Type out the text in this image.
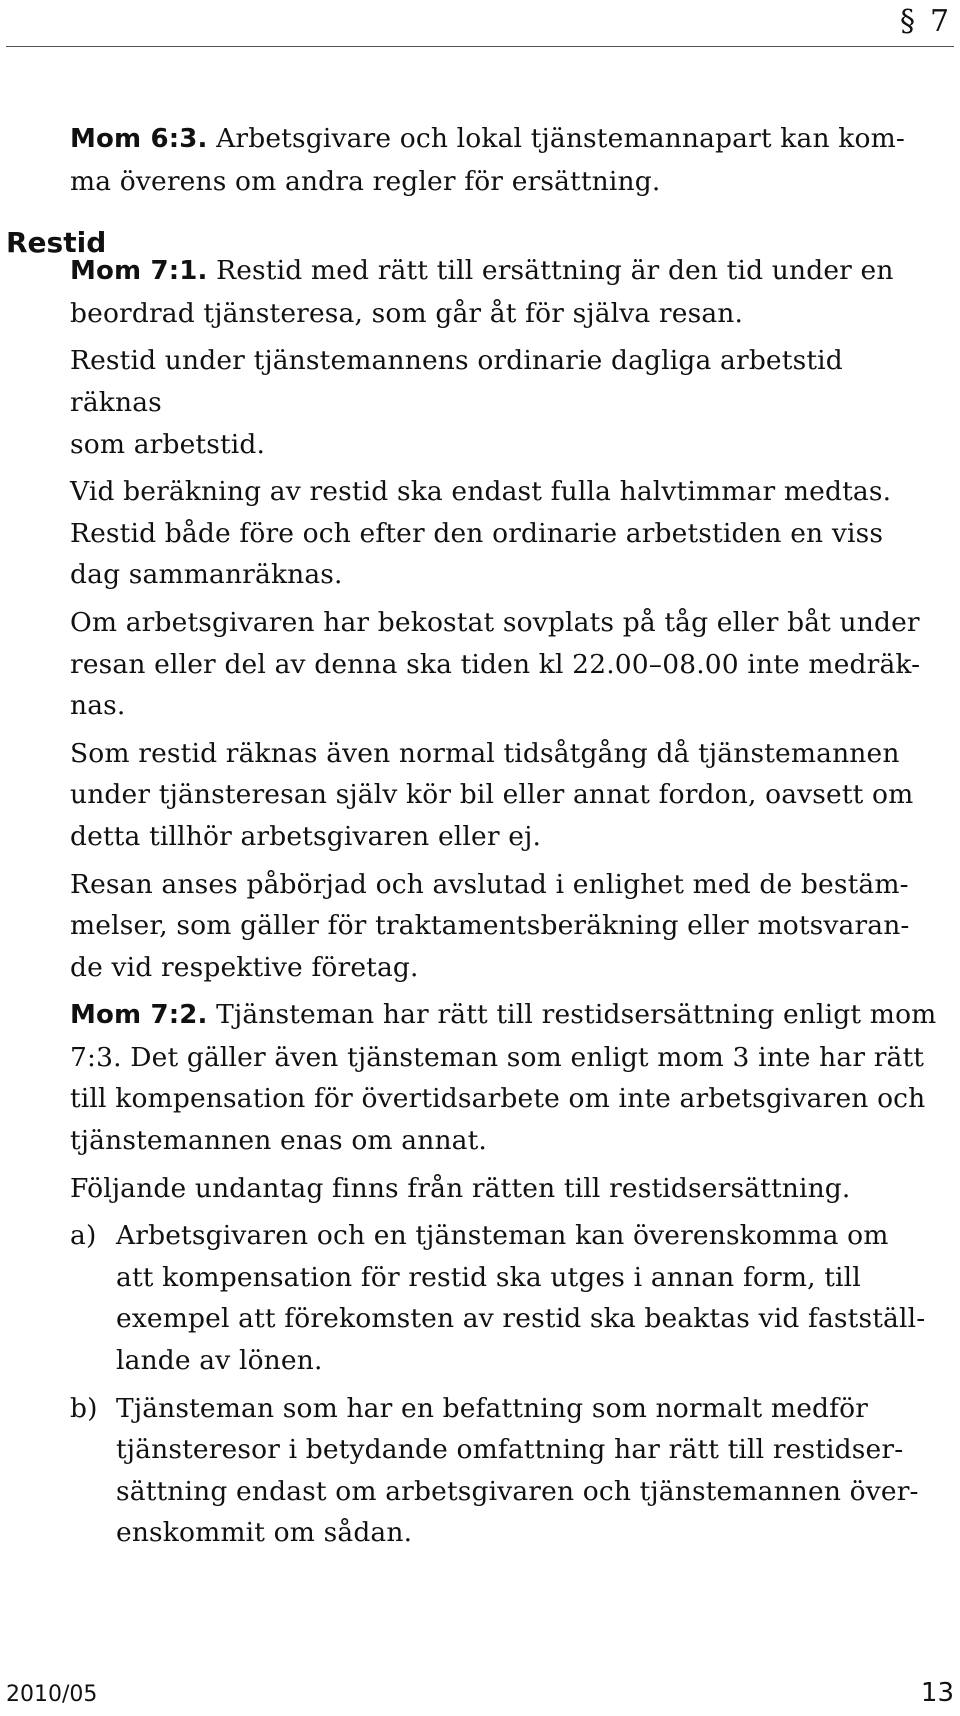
§ 7
Restid

Mom 6:3. Arbetsgivare och lokal tjänstemannapart kan kom-
ma överens om andra regler för ersättning.

Mom 7:1. Restid med rätt till ersättning är den tid under en
beordrad tjänsteresa, som går åt för själva resan.

Restid under tjänstemannens ordinarie dagliga arbetstid räknas
som arbetstid.

Vid beräkning av restid ska endast fulla halvtimmar medtas.
Restid både före och efter den ordinarie arbetstiden en viss
dag sammanräknas.

Om arbetsgivaren har bekostat sovplats på tåg eller båt under
resan eller del av denna ska tiden kl 22.00–08.00 inte medräk-
nas.

Som restid räknas även normal tidsåtgång då tjänstemannen
under tjänsteresan själv kör bil eller annat fordon, oavsett om
detta tillhör arbetsgivaren eller ej.

Resan anses påbörjad och avslutad i enlighet med de bestäm-
melser, som gäller för traktamentsberäkning eller motsvaran-
de vid respektive företag.

Mom 7:2. Tjänsteman har rätt till restidsersättning enligt mom
7:3. Det gäller även tjänsteman som enligt mom 3 inte har rätt
till kompensation för övertidsarbete om inte arbetsgivaren och
tjänstemannen enas om annat.

Följande undantag finns från rätten till restidsersättning.

a) Arbetsgivaren och en tjänsteman kan överenskomma om
att kompensation för restid ska utges i annan form, till
exempel att förekomsten av restid ska beaktas vid fastställ-
lande av lönen.
b) Tjänsteman som har en befattning som normalt medför
tjänsteresor i betydande omfattning har rätt till restidser-
sättning endast om arbetsgivaren och tjänstemannen över-
enskommit om sådan.
2010/05	13
